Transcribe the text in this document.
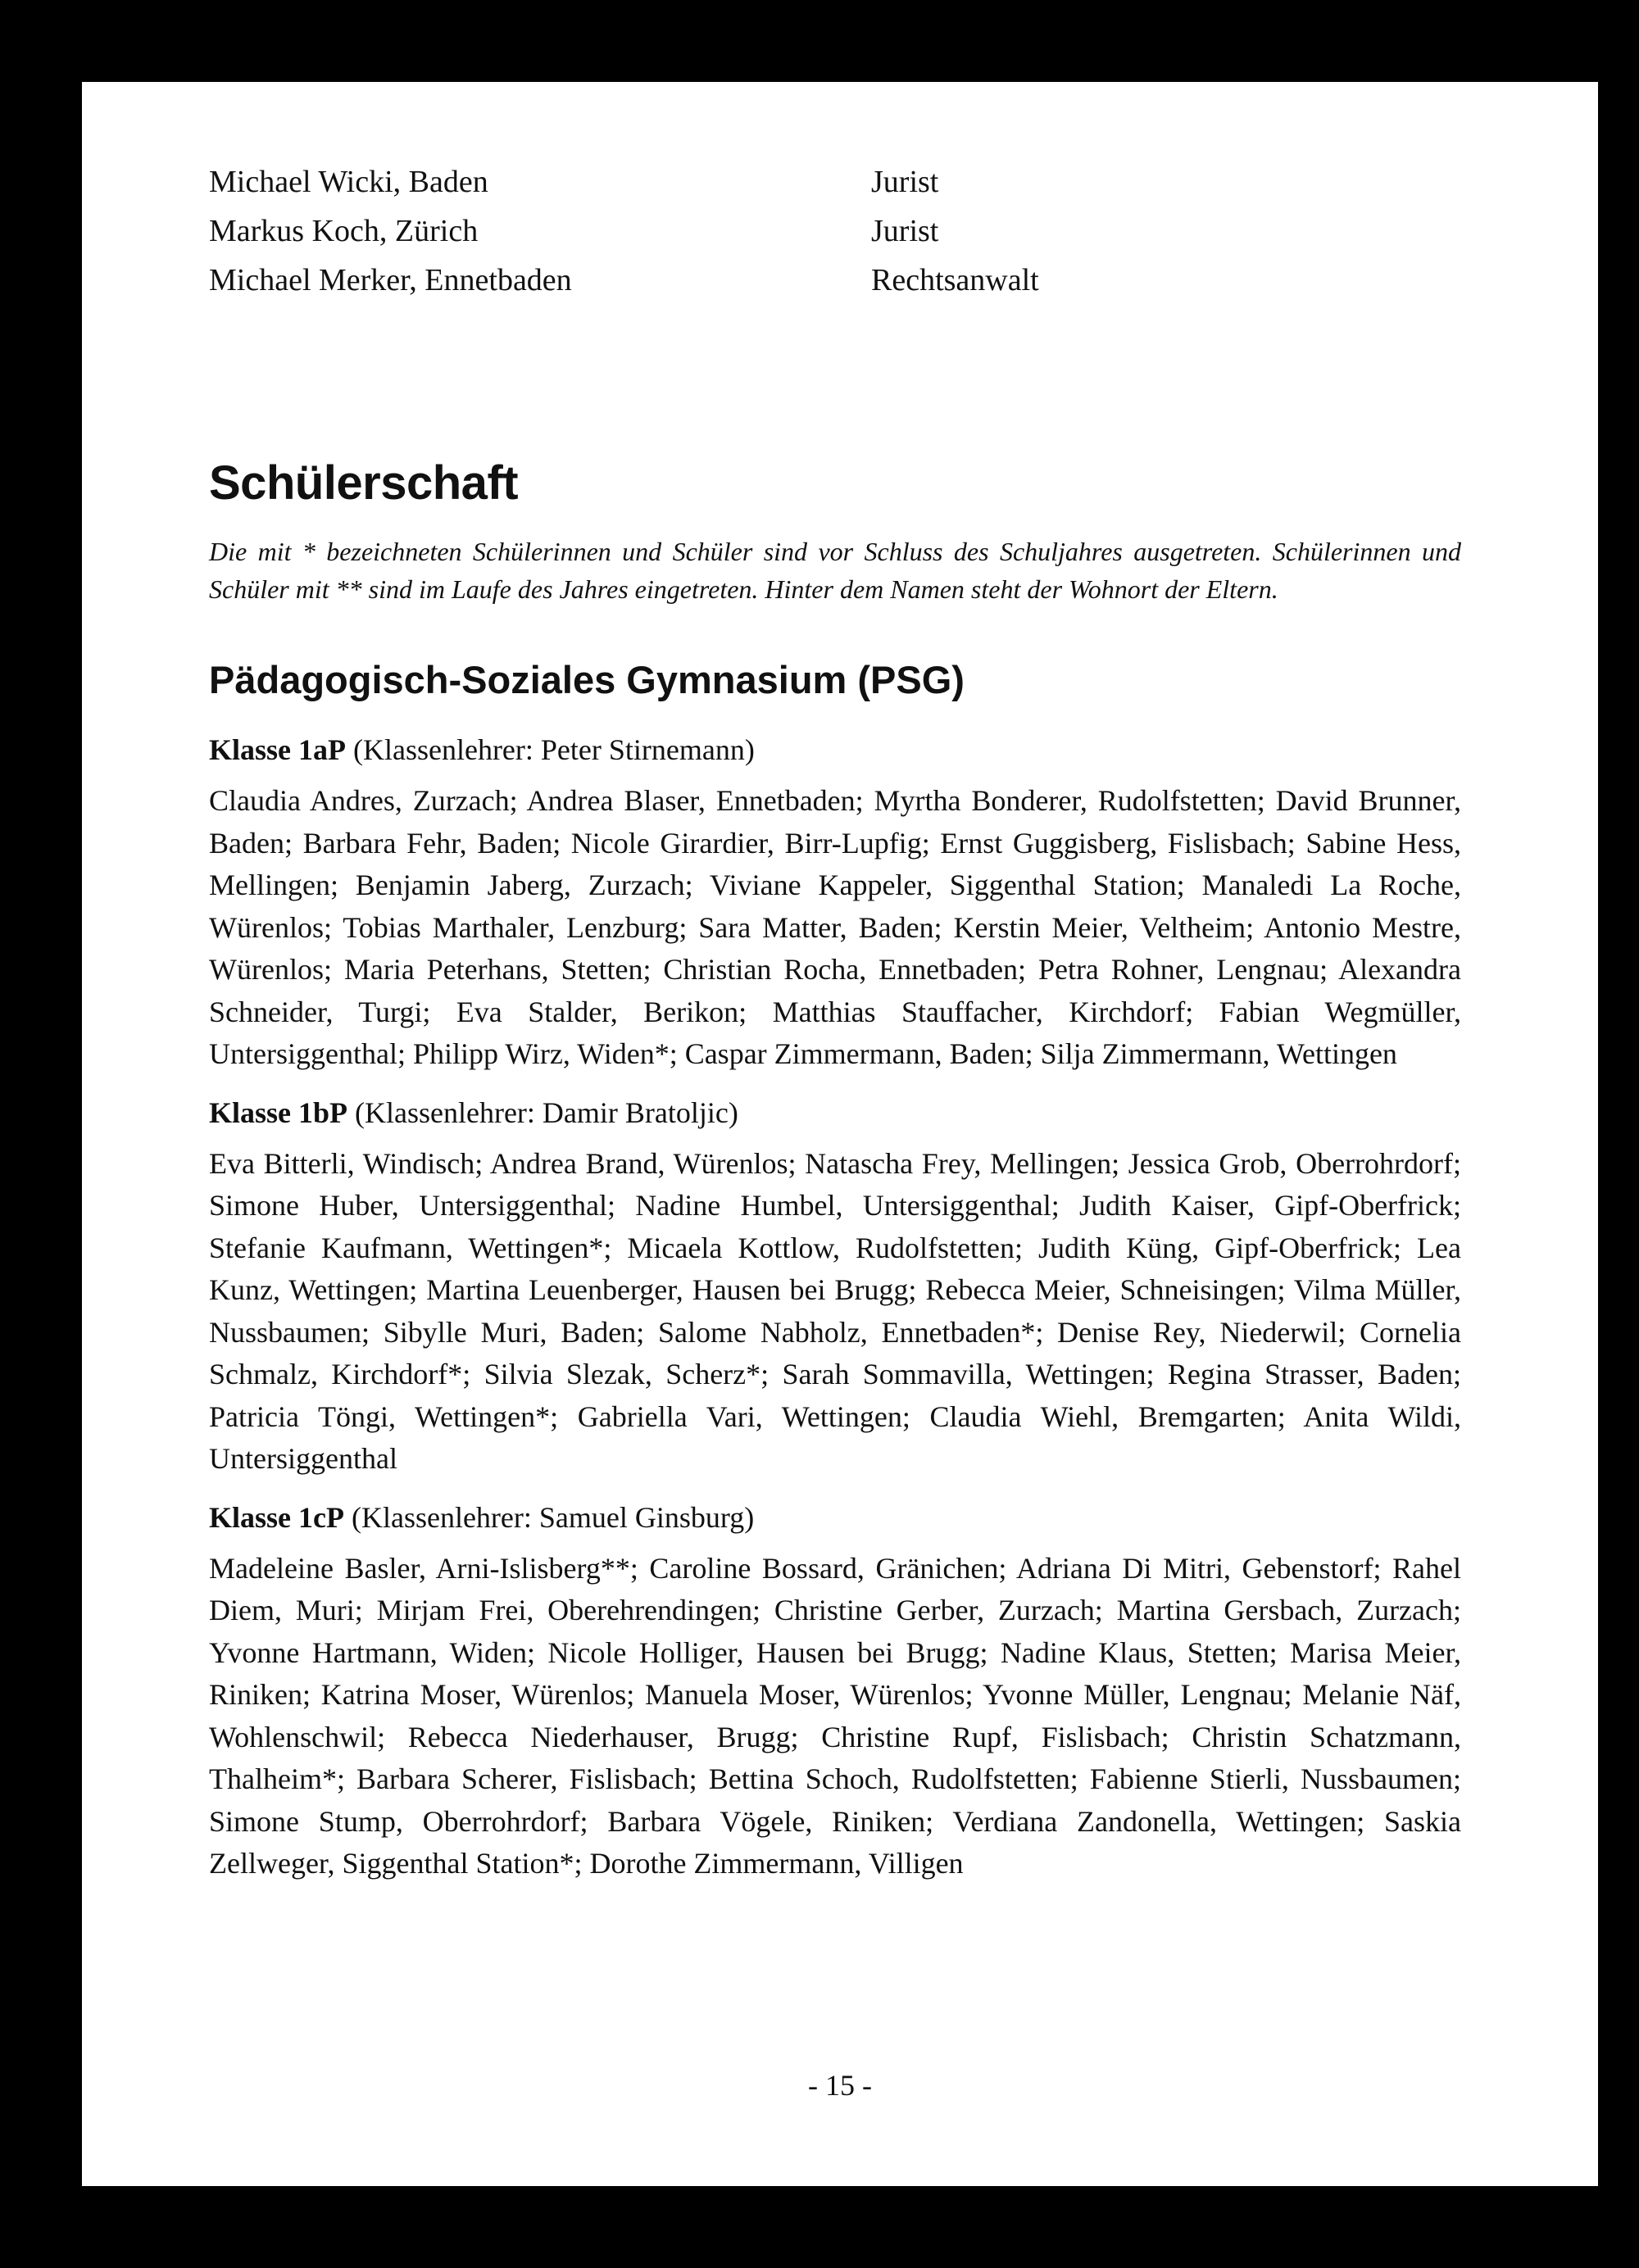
Michael Wicki, Baden	Jurist
Markus Koch, Zürich	Jurist
Michael Merker, Ennetbaden	Rechtsanwalt
Schülerschaft

Die mit * bezeichneten Schülerinnen und Schüler sind vor Schluss des Schuljahres ausgetreten. Schülerinnen und Schüler mit ** sind im Laufe des Jahres eingetreten. Hinter dem Namen steht der Wohnort der Eltern.

Pädagogisch-Soziales Gymnasium (PSG)

Klasse 1aP (Klassenlehrer: Peter Stirnemann)

Claudia Andres, Zurzach; Andrea Blaser, Ennetbaden; Myrtha Bonderer, Rudolfstetten; David Brunner, Baden; Barbara Fehr, Baden; Nicole Girardier, Birr-Lupfig; Ernst Guggisberg, Fislisbach; Sabine Hess, Mellingen; Benjamin Jaberg, Zurzach; Viviane Kappeler, Siggenthal Station; Manaledi La Roche, Würenlos; Tobias Marthaler, Lenzburg; Sara Matter, Baden; Kerstin Meier, Veltheim; Antonio Mestre, Würenlos; Maria Peterhans, Stetten; Christian Rocha, Ennetbaden; Petra Rohner, Lengnau; Alexandra Schneider, Turgi; Eva Stalder, Berikon; Matthias Stauffacher, Kirchdorf; Fabian Wegmüller, Untersiggenthal; Philipp Wirz, Widen*; Caspar Zimmermann, Baden; Silja Zimmermann, Wettingen

Klasse 1bP (Klassenlehrer: Damir Bratoljic)

Eva Bitterli, Windisch; Andrea Brand, Würenlos; Natascha Frey, Mellingen; Jessica Grob, Oberrohrdorf; Simone Huber, Untersiggenthal; Nadine Humbel, Untersiggenthal; Judith Kaiser, Gipf-Oberfrick; Stefanie Kaufmann, Wettingen*; Micaela Kottlow, Rudolfstetten; Judith Küng, Gipf-Oberfrick; Lea Kunz, Wettingen; Martina Leuenberger, Hausen bei Brugg; Rebecca Meier, Schneisingen; Vilma Müller, Nussbaumen; Sibylle Muri, Baden; Salome Nabholz, Ennetbaden*; Denise Rey, Niederwil; Cornelia Schmalz, Kirchdorf*; Silvia Slezak, Scherz*; Sarah Sommavilla, Wettingen; Regina Strasser, Baden; Patricia Töngi, Wettingen*; Gabriella Vari, Wettingen; Claudia Wiehl, Bremgarten; Anita Wildi, Untersiggenthal

Klasse 1cP (Klassenlehrer: Samuel Ginsburg)

Madeleine Basler, Arni-Islisberg**; Caroline Bossard, Gränichen; Adriana Di Mitri, Gebenstorf; Rahel Diem, Muri; Mirjam Frei, Oberehrendingen; Christine Gerber, Zurzach; Martina Gersbach, Zurzach; Yvonne Hartmann, Widen; Nicole Holliger, Hausen bei Brugg; Nadine Klaus, Stetten; Marisa Meier, Riniken; Katrina Moser, Würenlos; Manuela Moser, Würenlos; Yvonne Müller, Lengnau; Melanie Näf, Wohlenschwil; Rebecca Niederhauser, Brugg; Christine Rupf, Fislisbach; Christin Schatzmann, Thalheim*; Barbara Scherer, Fislisbach; Bettina Schoch, Rudolfstetten; Fabienne Stierli, Nussbaumen; Simone Stump, Oberrohrdorf; Barbara Vögele, Riniken; Verdiana Zandonella, Wettingen; Saskia Zellweger, Siggenthal Station*; Dorothe Zimmermann, Villigen

- 15 -
